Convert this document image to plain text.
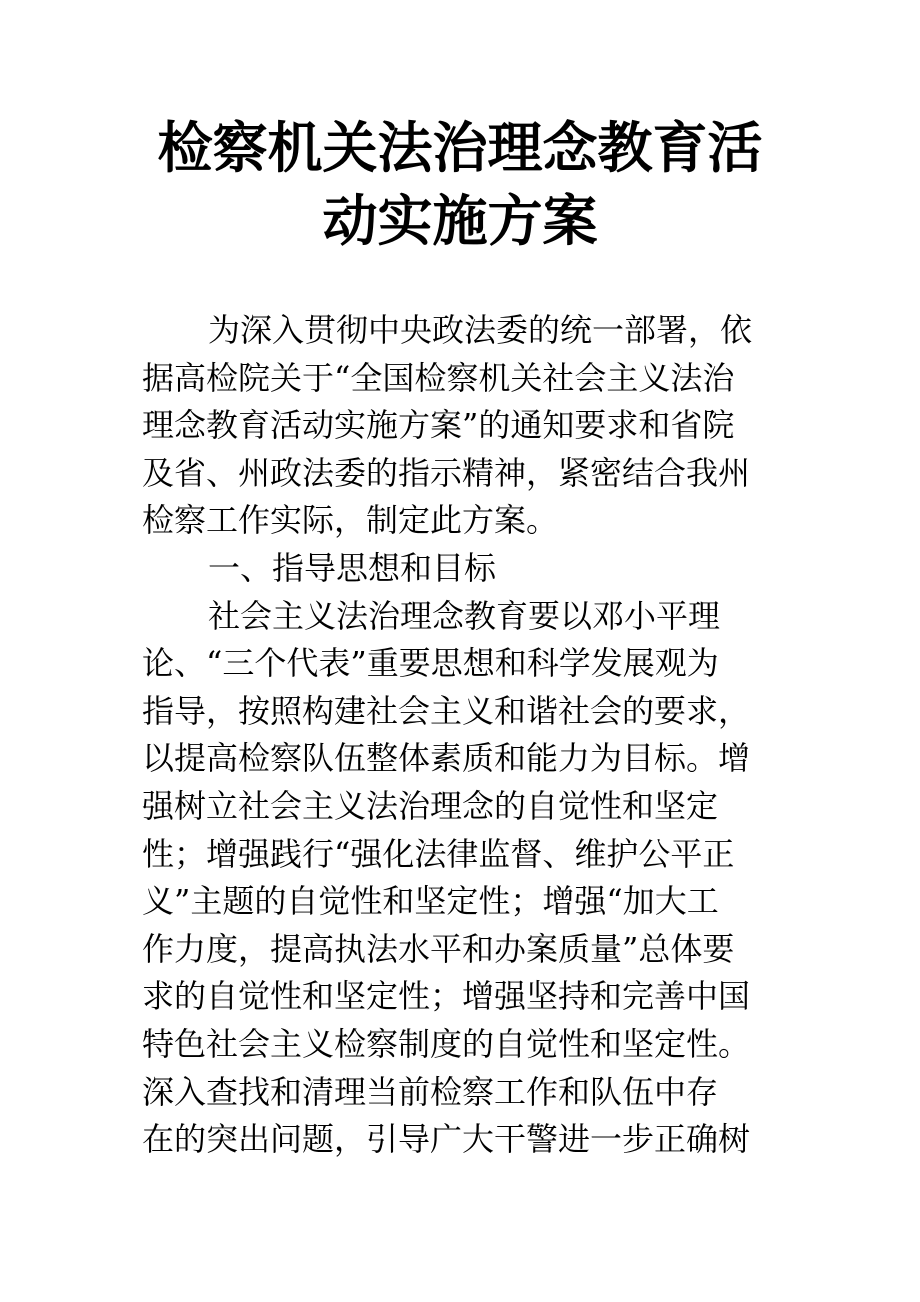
检察机关法治理念教育活
动实施方案
为深入贯彻中央政法委的统一部署，依
据高检院关于“全国检察机关社会主义法治
理念教育活动实施方案”的通知要求和省院
及省、州政法委的指示精神，紧密结合我州
检察工作实际，制定此方案。
一、指导思想和目标
社会主义法治理念教育要以邓小平理
论、“三个代表”重要思想和科学发展观为
指导，按照构建社会主义和谐社会的要求，
以提高检察队伍整体素质和能力为目标。增
强树立社会主义法治理念的自觉性和坚定
性；增强践行“强化法律监督、维护公平正
义”主题的自觉性和坚定性；增强“加大工
作力度，提高执法水平和办案质量”总体要
求的自觉性和坚定性；增强坚持和完善中国
特色社会主义检察制度的自觉性和坚定性。
深入查找和清理当前检察工作和队伍中存
在的突出问题，引导广大干警进一步正确树
